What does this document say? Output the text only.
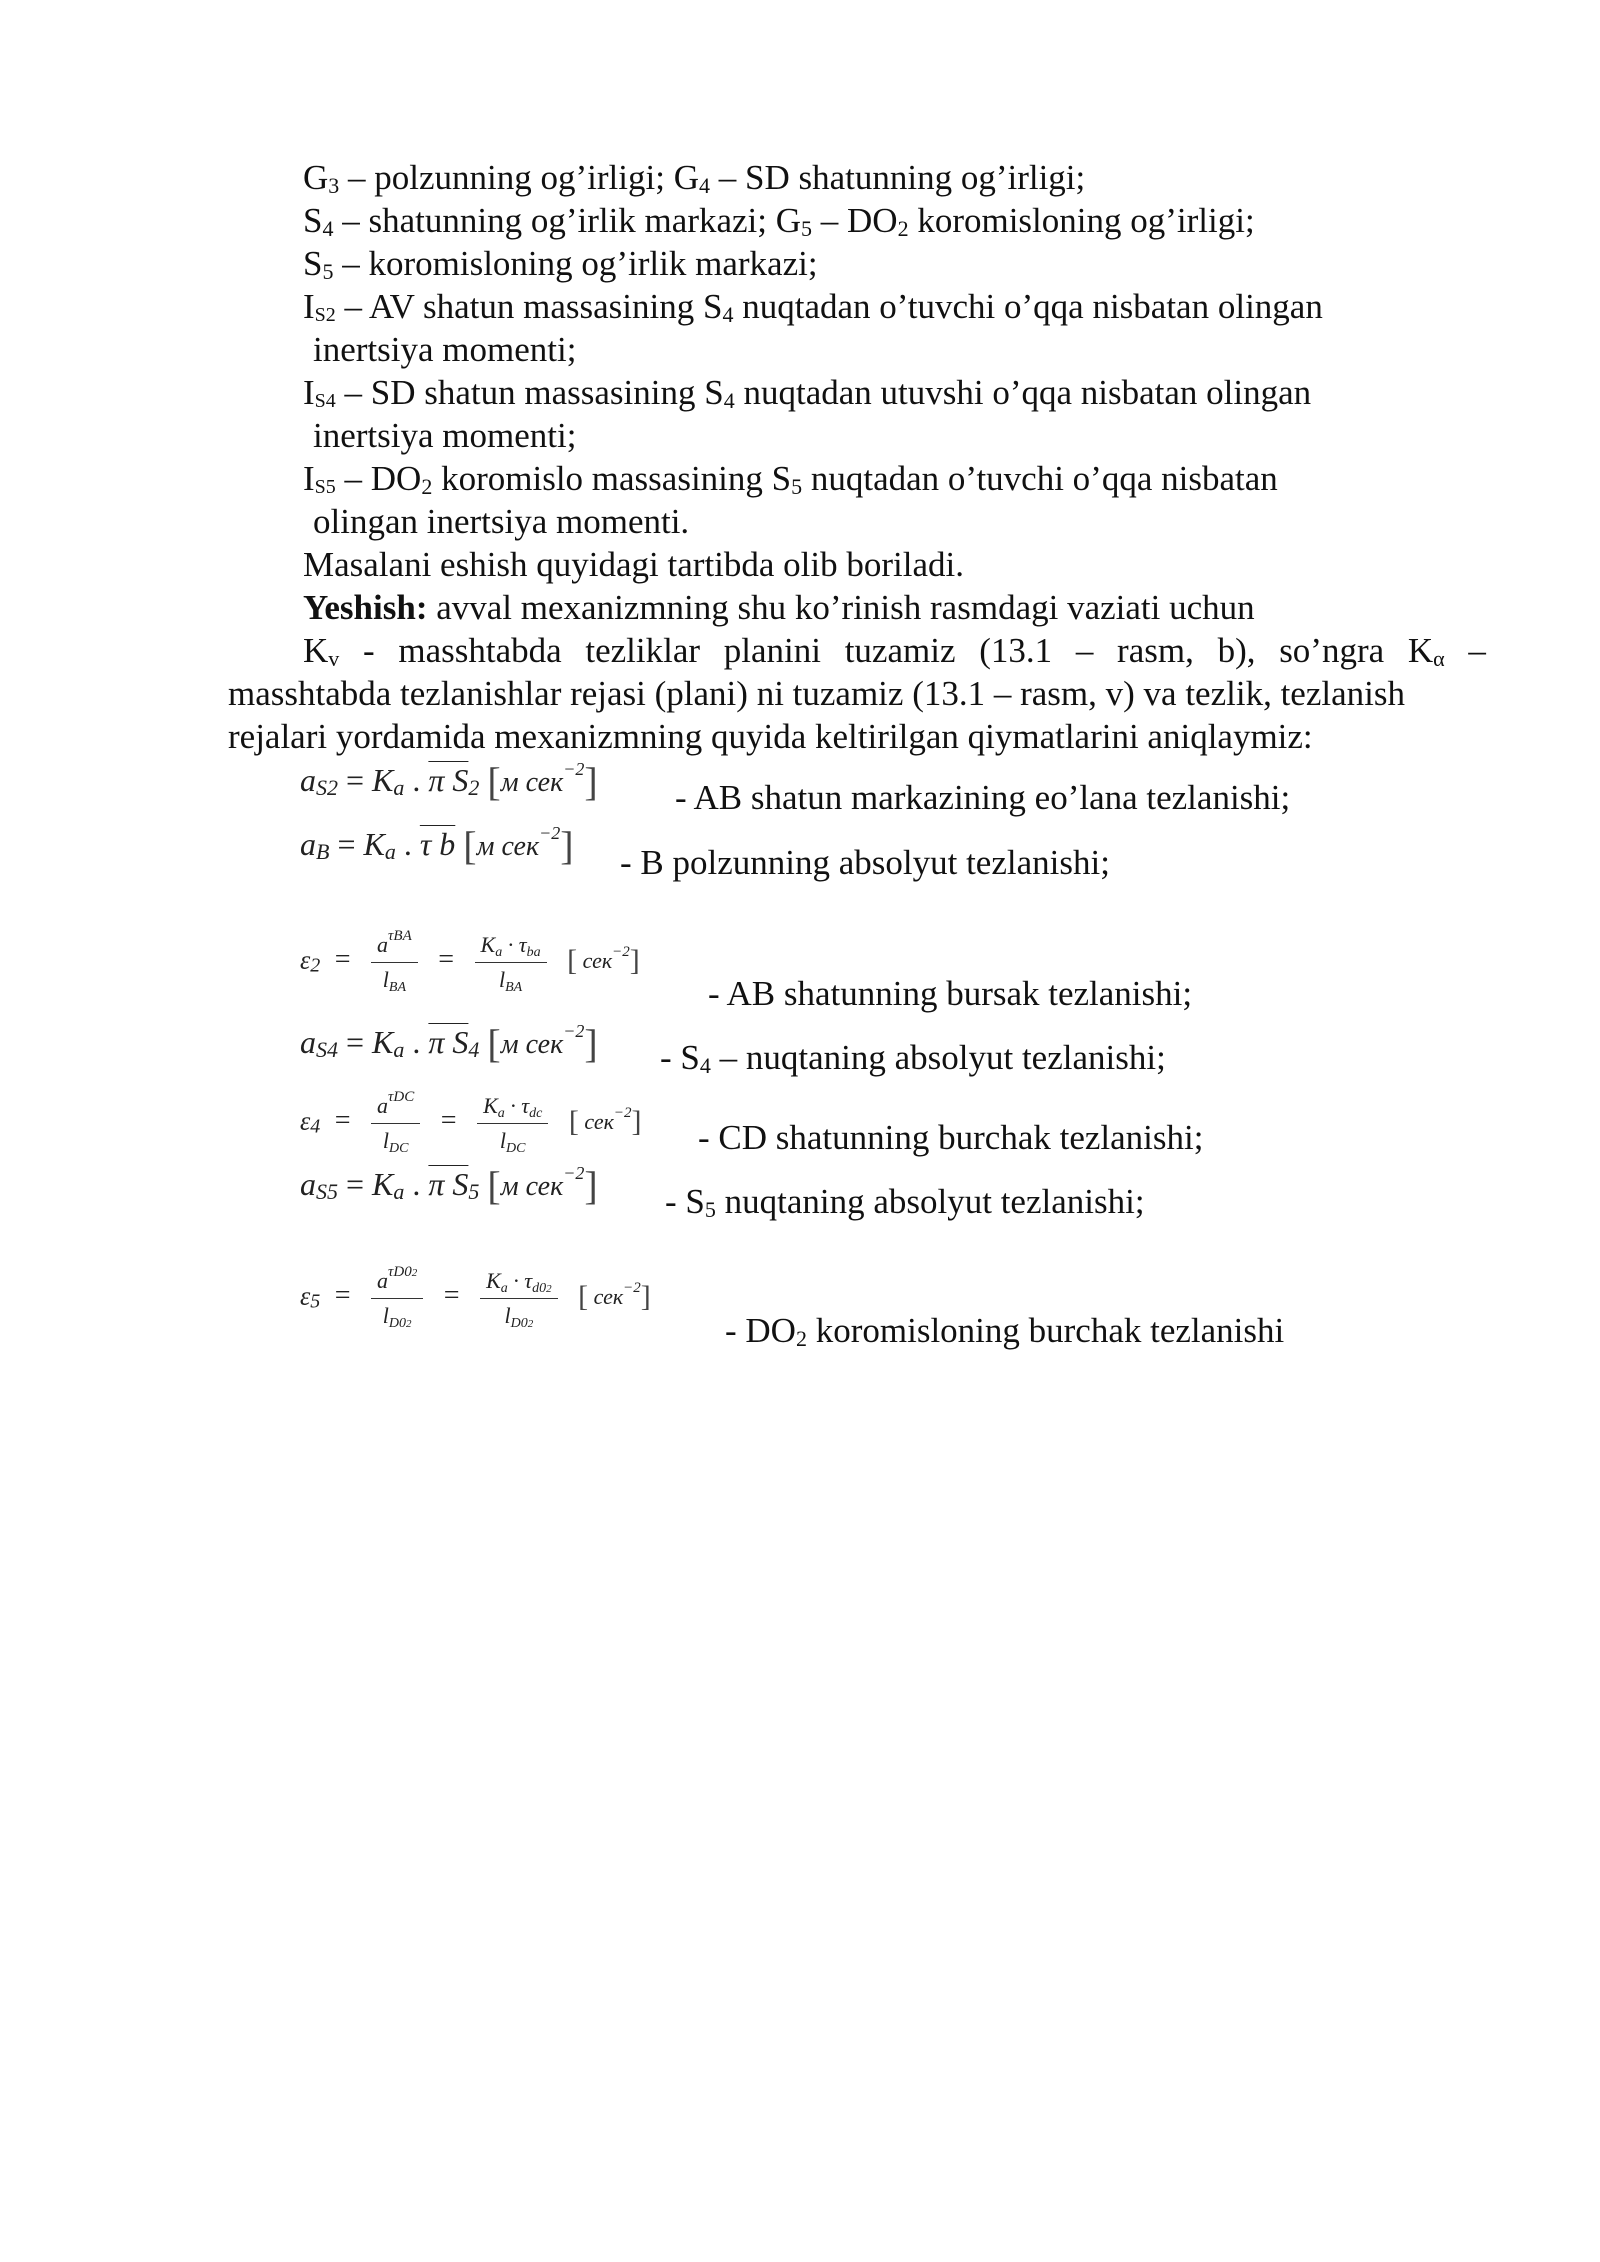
$G_3$ – polzunning og’irligi; $G_4$ – SD shatunning og’irligi;
$S_4$ – shatunning og’irlik markazi; $G_5 - DO_2$ koromisloning og’irligi;
$S_5$ – koromisloning og’irlik markazi;
$I_{S2}$ – AV shatun massasining $S_4$ nuqtadan o’tuvchi o’qqa nisbatan olingan
inertsiya momenti;
$I_{S4}$ – SD shatun massasining $S_4$ nuqtadan utuvshi o’qqa nisbatan olingan
inertsiya momenti;
$I_{S5} - DO_2$ koromislo massasining $S_5$ nuqtadan o’tuvchi o’qqa nisbatan
olingan inertsiya momenti.
Masalani eshish quyidagi tartibda olib boriladi.
Yeshish: avval mexanizmning shu ko’rinish rasmdagi vaziati uchun
$K_v$ - masshtabda tezliklar planini tuzamiz (13.1 – rasm, b), so’ngra $K_\alpha$ –
masshtabda tezlanishlar rejasi (plani) ni tuzamiz (13.1 – rasm, v) va tezlik, tezlanish
rejalari yordamida mexanizmning quyida keltirilgan qiymatlarini aniqlaymiz:
$a_{S2} = K_a$ . π $S_2$ [м сек$^{-2}$] - AB shatun markazining eo’lana tezlanishi;
$a_B = K_a$ . τ b [м сек$^{-2}$] - B polzunning absolyut tezlanishi;
$\varepsilon_2 = \frac{a^{\tau BA}}{\text{lBA}} = \frac{\text{Ka · τba}}{\text{lBA}}$ [ сек$^{-2}$]
- AB shatunning bursak tezlanishi;
$a_{S4} = K_a$ . π $S_4$ [м $сек^{-2}] - S_4$ – nuqtaning absolyut tezlanishi;
$\varepsilon_4 = \frac{a^{\tau DC}}{\text{lDC}} = \frac{\text{Ka · τdc}}{\text{lDC}}$ [ сек$^{-2}$] - CD shatunning burchak tezlanishi;
$a_{S5} = K_a$ . π $S_5$ [м $сек^{-2}] - S_5$ nuqtaning absolyut tezlanishi;
$\varepsilon_5 = \frac{a^{\tau D02}}{lD02} = \frac{Ka \cdot \tau d02}{lD02}$ [ сек$^{-2}$]
- $DO_2$ koromisloning burchak tezlanishi
